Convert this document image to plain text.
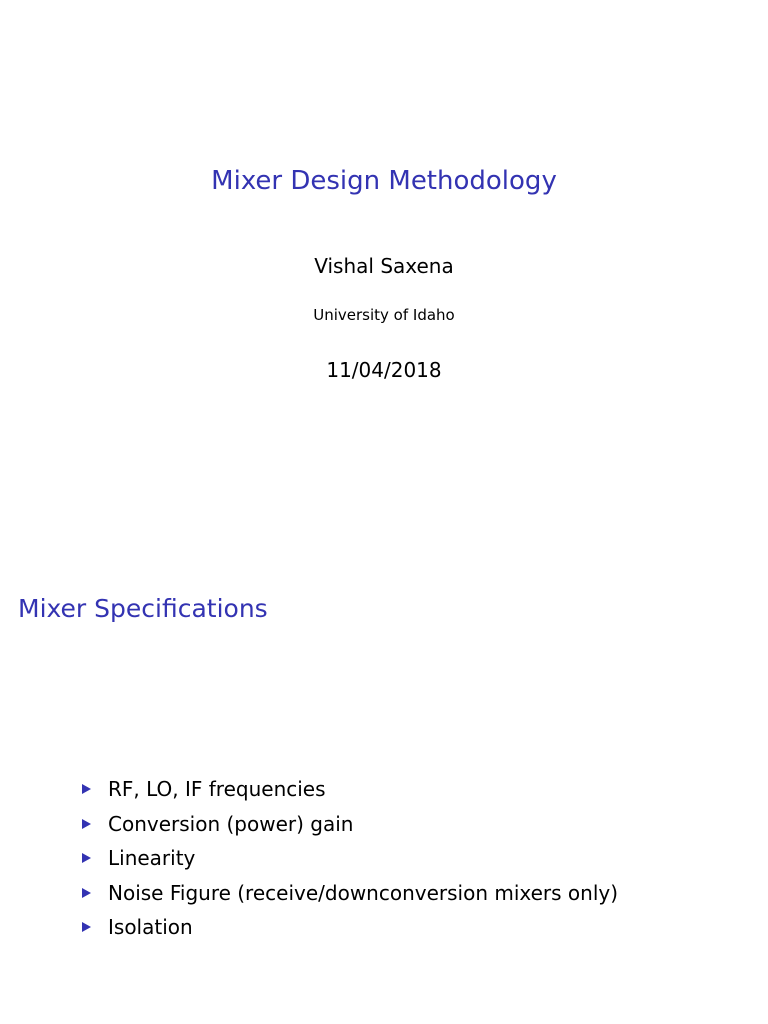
Mixer Design Methodology
Vishal Saxena
University of Idaho
11/04/2018
Mixer Specifications
RF, LO, IF frequencies
Conversion (power) gain
Linearity
Noise Figure (receive/downconversion mixers only)
Isolation
